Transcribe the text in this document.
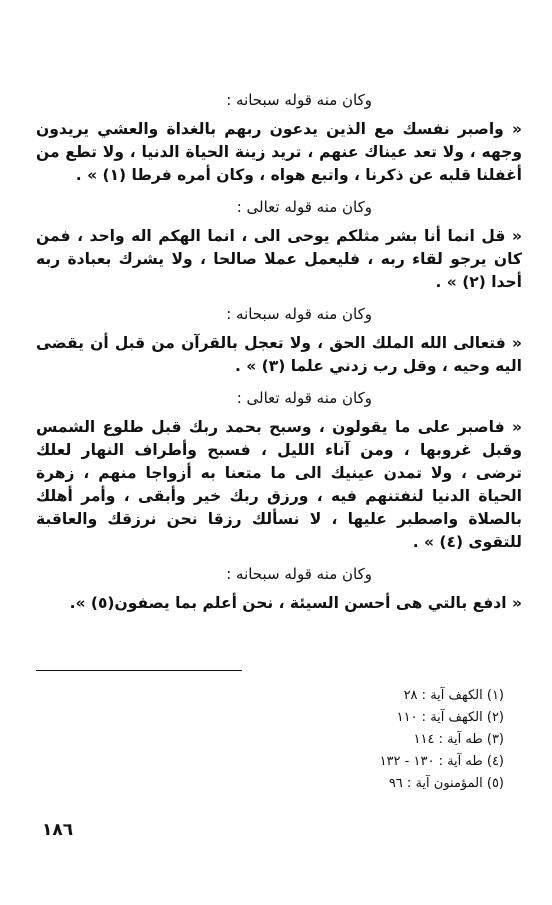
وكان منه قوله سبحانه :

« واصبر نفسك مع الذين يدعون ربهم بالغداة والعشي يريدون وجهه ، ولا تعد عيناك عنهم ، تريد زينة الحياة الدنيا ، ولا تطع من أغفلنا قلبه عن ذكرنا ، واتبع هواه ، وكان أمره فرطا (١) » .

وكان منه قوله تعالى :

« قل انما أنا بشر مثلكم يوحى الى ، انما الهكم اله واحد ، فمن كان يرجو لقاء ربه ، فليعمل عملا صالحا ، ولا يشرك بعبادة ربه أحدا (٢) » .

وكان منه قوله سبحانه :

« فتعالى الله الملك الحق ، ولا تعجل بالقرآن من قبل أن يقضى اليه وحيه ، وقل رب زدني علما (٣) » .

وكان منه قوله تعالى :

« فاصبر على ما يقولون ، وسبح بحمد ربك قبل طلوع الشمس وقبل غروبها ، ومن آناء الليل ، فسبح وأطراف النهار لعلك ترضى ، ولا تمدن عينيك الى ما متعنا به أزواجا منهم ، زهرة الحياة الدنيا لنفتنهم فيه ، ورزق ربك خير وأبقى ، وأمر أهلك بالصلاة واصطبر عليها ، لا نسألك رزقا نحن نرزقك والعاقبة للتقوى (٤) » .

وكان منه قوله سبحانه :

« ادفع بالتي هى أحسن السيئة ، نحن أعلم بما يصفون(٥) ».

(١) الكهف آية : ٢٨

(٢) الكهف آية : ١١٠

(٣) طه آية : ١١٤

(٤) طه آية : ١٣٠ - ١٣٢

(٥) المؤمنون آية : ٩٦

١٨٦
